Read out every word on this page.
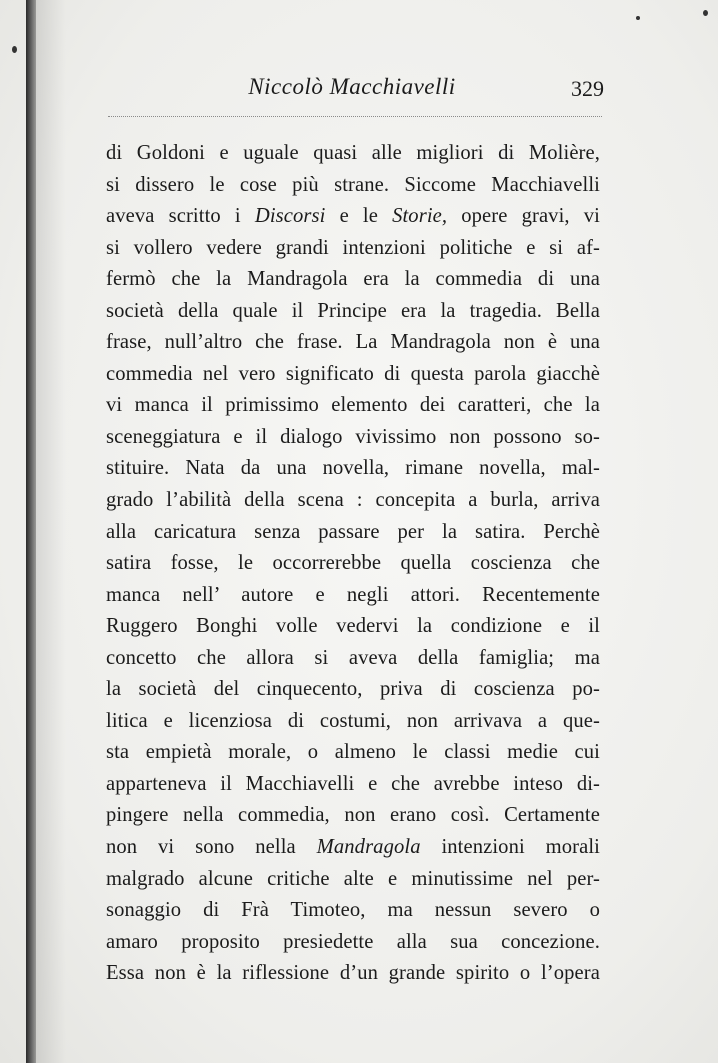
Niccolò Macchiavelli	329
di Goldoni e uguale quasi alle migliori di Molière,
si dissero le cose più strane. Siccome Macchiavelli
aveva scritto i Discorsi e le Storie, opere gravi, vi
si vollero vedere grandi intenzioni politiche e si af-
fermò che la Mandragola era la commedia di una
società della quale il Principe era la tragedia. Bella
frase, null’altro che frase. La Mandragola non è una
commedia nel vero significato di questa parola giacchè
vi manca il primissimo elemento dei caratteri, che la
sceneggiatura e il dialogo vivissimo non possono so-
stituire. Nata da una novella, rimane novella, mal-
grado l’abilità della scena : concepita a burla, arriva
alla caricatura senza passare per la satira. Perchè
satira fosse, le occorrerebbe quella coscienza che
manca nell’ autore e negli attori. Recentemente
Ruggero Bonghi volle vedervi la condizione e il
concetto che allora si aveva della famiglia; ma
la società del cinquecento, priva di coscienza po-
litica e licenziosa di costumi, non arrivava a que-
sta empietà morale, o almeno le classi medie cui
apparteneva il Macchiavelli e che avrebbe inteso di-
pingere nella commedia, non erano così. Certamente
non vi sono nella Mandragola intenzioni morali
malgrado alcune critiche alte e minutissime nel per-
sonaggio di Frà Timoteo, ma nessun severo o
amaro proposito presiedette alla sua concezione.
Essa non è la riflessione d’un grande spirito o l’opera
